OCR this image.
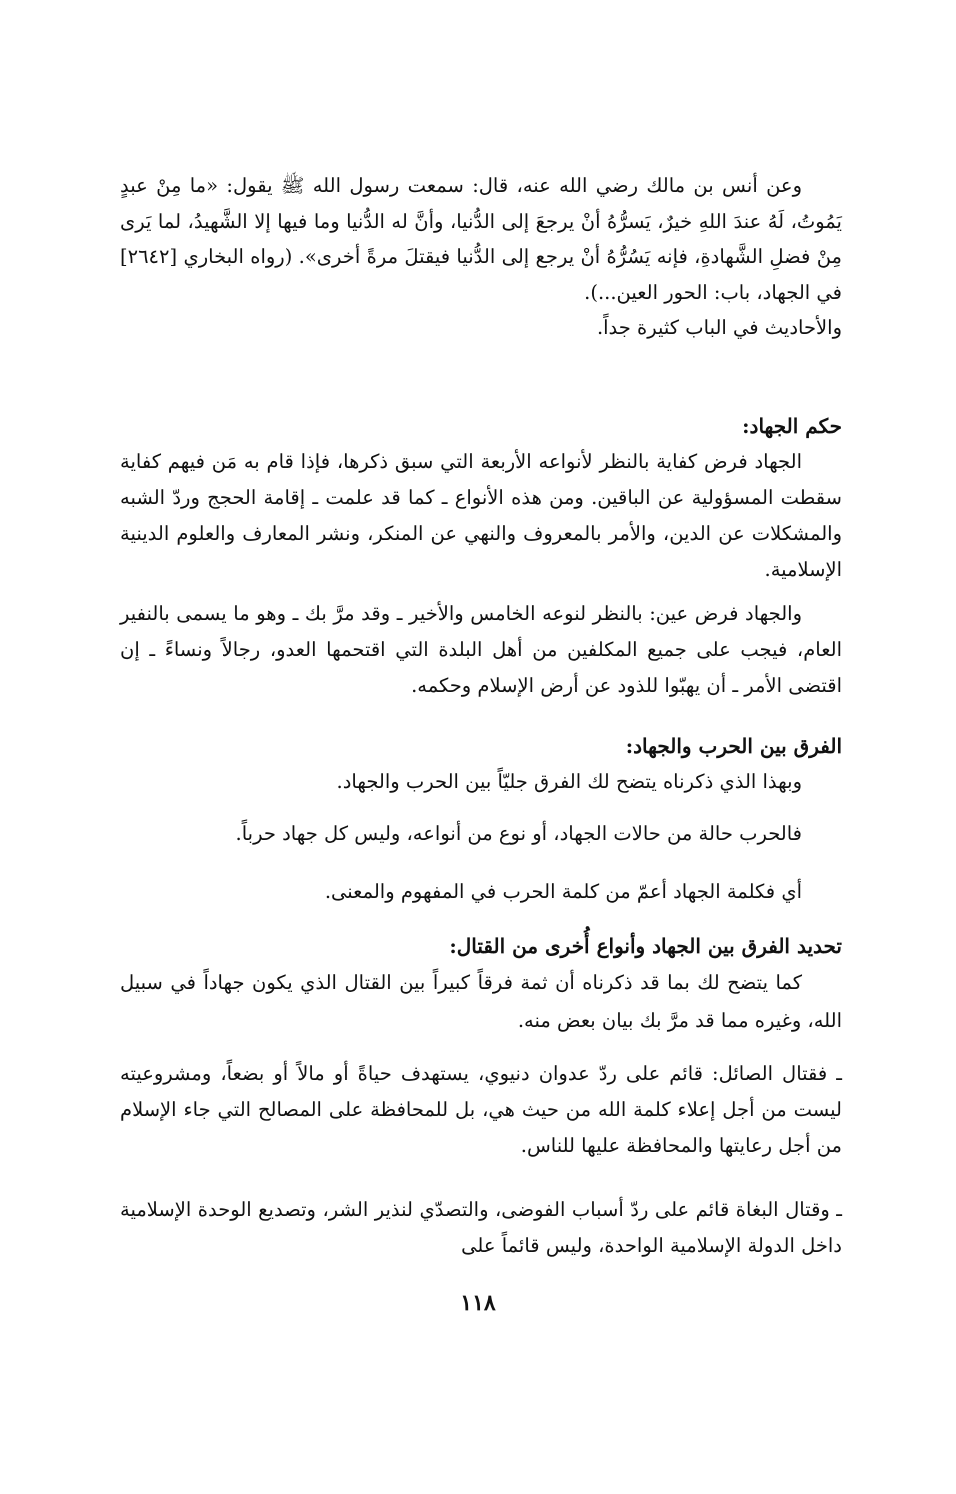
وعن أنس بن مالك رضي الله عنه، قال: سمعت رسول الله ﷺ يقول: «ما مِنْ عبدٍ يَمُوتُ، لَهُ عندَ اللهِ خيرٌ، يَسرُّهُ أنْ يرجعَ إلى الدُّنيا، وأنَّ له الدُّنيا وما فيها إلا الشَّهيدُ، لما يَرى مِنْ فضلِ الشَّهادةِ، فإنه يَسُرُّهُ أنْ يرجع إلى الدُّنيا فيقتلَ مرةً أخرى». (رواه البخاري [٢٦٤٢] في الجهاد، باب: الحور العين...).

والأحاديث في الباب كثيرة جداً.

حكم الجهاد:

الجهاد فرض كفاية بالنظر لأنواعه الأربعة التي سبق ذكرها، فإذا قام به مَن فيهم كفاية سقطت المسؤولية عن الباقين. ومن هذه الأنواع ـ كما قد علمت ـ إقامة الحجج وردّ الشبه والمشكلات عن الدين، والأمر بالمعروف والنهي عن المنكر، ونشر المعارف والعلوم الدينية الإسلامية.

والجهاد فرض عين: بالنظر لنوعه الخامس والأخير ـ وقد مرَّ بك ـ وهو ما يسمى بالنفير العام، فيجب على جميع المكلفين من أهل البلدة التي اقتحمها العدو، رجالاً ونساءً ـ إن اقتضى الأمر ـ أن يهبّوا للذود عن أرض الإسلام وحكمه.

الفرق بين الحرب والجهاد:

وبهذا الذي ذكرناه يتضح لك الفرق جليّاً بين الحرب والجهاد.

فالحرب حالة من حالات الجهاد، أو نوع من أنواعه، وليس كل جهاد حرباً.

أي فكلمة الجهاد أعمّ من كلمة الحرب في المفهوم والمعنى.

تحديد الفرق بين الجهاد وأنواع أُخرى من القتال:

كما يتضح لك بما قد ذكرناه أن ثمة فرقاً كبيراً بين القتال الذي يكون جهاداً في سبيل الله، وغيره مما قد مرَّ بك بيان بعض منه.

ـ فقتال الصائل: قائم على ردّ عدوان دنيوي، يستهدف حياةً أو مالاً أو بضعاً، ومشروعيته ليست من أجل إعلاء كلمة الله من حيث هي، بل للمحافظة على المصالح التي جاء الإسلام من أجل رعايتها والمحافظة عليها للناس.

ـ وقتال البغاة قائم على ردّ أسباب الفوضى، والتصدّي لنذير الشر، وتصديع الوحدة الإسلامية داخل الدولة الإسلامية الواحدة، وليس قائماً على

١١٨
